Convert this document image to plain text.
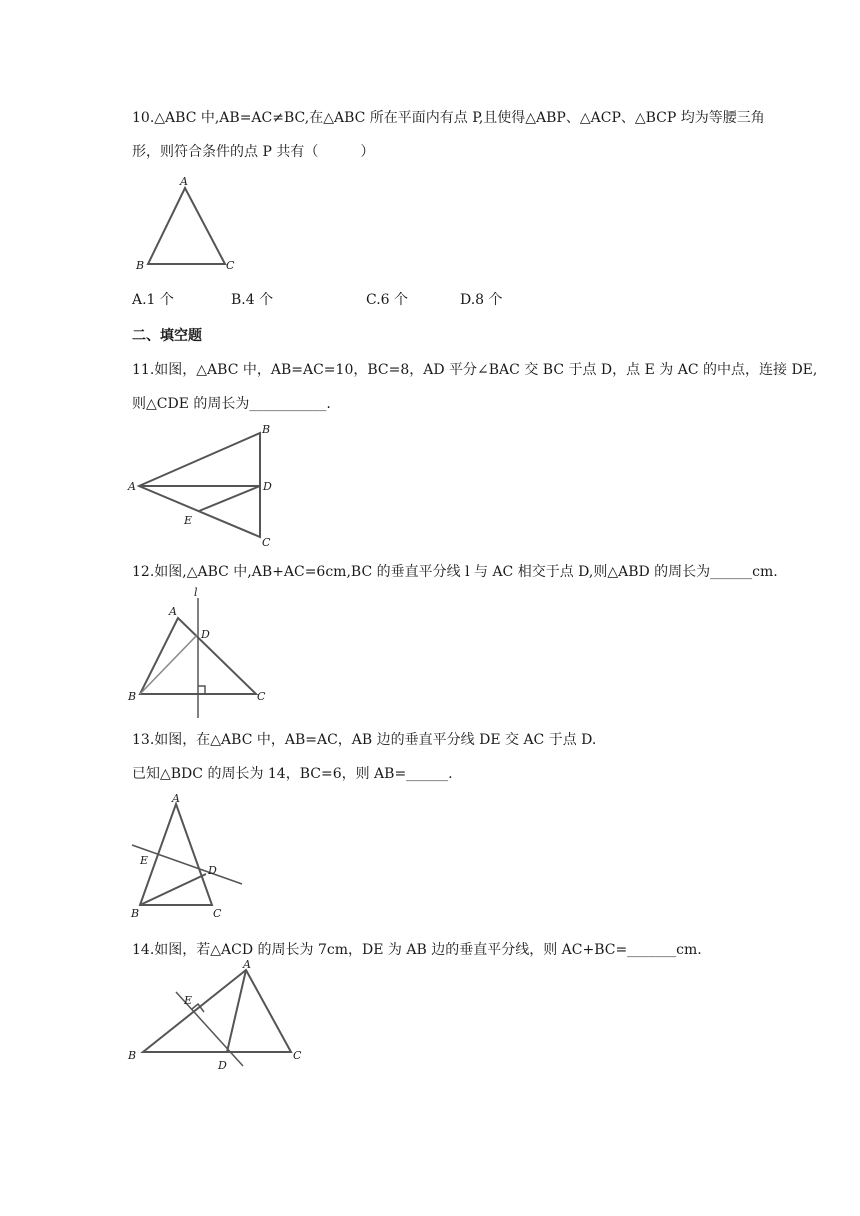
10.△ABC 中,AB=AC≠BC,在△ABC 所在平面内有点 P,且使得△ABP、△ACP、△BCP 均为等腰三角

形，则符合条件的点 P 共有（　　　）

A
B	C
A.1 个	B.4 个	C.6 个	D.8 个

二、填空题

11.如图，△ABC 中，AB=AC=10，BC=8，AD 平分∠BAC 交 BC 于点 D，点 E 为 AC 的中点，连接 DE,

则△CDE 的周长为___________.

B
A	D
E
C

12.如图,△ABC 中,AB+AC=6cm,BC 的垂直平分线 l 与 AC 相交于点 D,则△ABD 的周长为______cm.

l
A
D
B	C

13.如图，在△ABC 中，AB=AC，AB 边的垂直平分线 DE 交 AC 于点 D.

已知△BDC 的周长为 14，BC=6，则 AB=______.

A
E
D
B	C

14.如图，若△ACD 的周长为 7cm，DE 为 AB 边的垂直平分线，则 AC+BC=_______cm.

A
E
B
D
C
